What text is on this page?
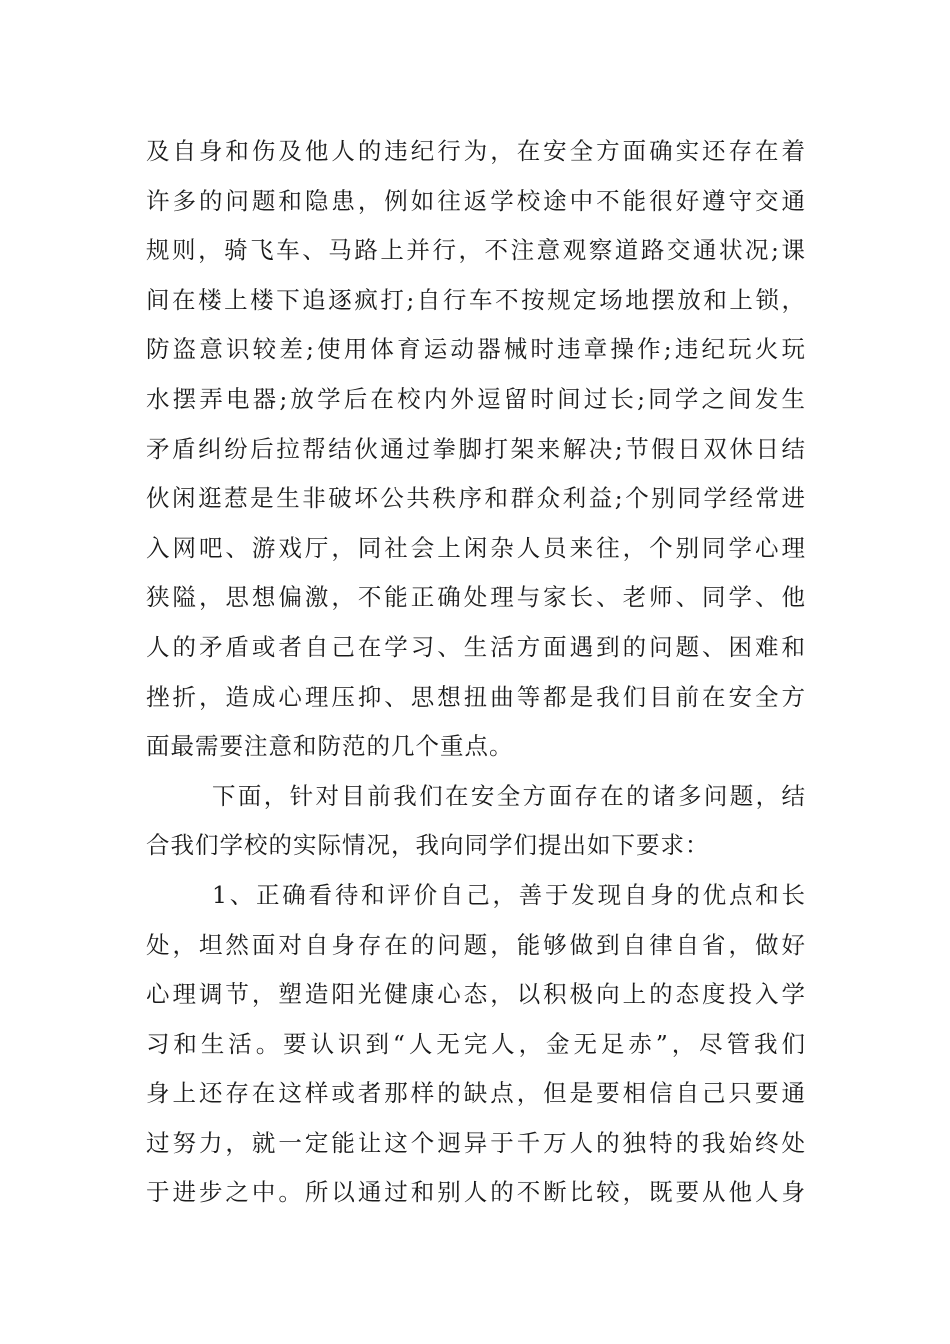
及自身和伤及他人的违纪行为，在安全方面确实还存在着
许多的问题和隐患，例如往返学校途中不能很好遵守交通
规则，骑飞车、马路上并行，不注意观察道路交通状况;课
间在楼上楼下追逐疯打;自行车不按规定场地摆放和上锁，
防盗意识较差;使用体育运动器械时违章操作;违纪玩火玩
水摆弄电器;放学后在校内外逗留时间过长;同学之间发生
矛盾纠纷后拉帮结伙通过拳脚打架来解决;节假日双休日结
伙闲逛惹是生非破坏公共秩序和群众利益;个别同学经常进
入网吧、游戏厅，同社会上闲杂人员来往，个别同学心理
狭隘，思想偏激，不能正确处理与家长、老师、同学、他
人的矛盾或者自己在学习、生活方面遇到的问题、困难和
挫折，造成心理压抑、思想扭曲等都是我们目前在安全方
面最需要注意和防范的几个重点。
下面，针对目前我们在安全方面存在的诸多问题，结
合我们学校的实际情况，我向同学们提出如下要求：
1、正确看待和评价自己，善于发现自身的优点和长
处，坦然面对自身存在的问题，能够做到自律自省，做好
心理调节，塑造阳光健康心态，以积极向上的态度投入学
习和生活。要认识到“人无完人，金无足赤”，尽管我们
身上还存在这样或者那样的缺点，但是要相信自己只要通
过努力，就一定能让这个迥异于千万人的独特的我始终处
于进步之中。所以通过和别人的不断比较，既要从他人身
